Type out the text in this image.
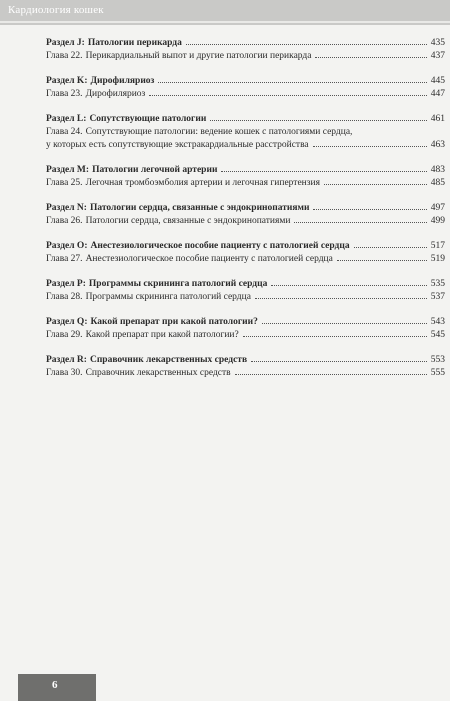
Кардиология кошек
Раздел J: Патологии перикарда	435
Глава 22. Перикардиальный выпот и другие патологии перикарда	437
Раздел K: Дирофиляриоз	445
Глава 23. Дирофиляриоз	447
Раздел L: Сопутствующие патологии	461
Глава 24. Сопутствующие патологии: ведение кошек с патологиями сердца,
у которых есть сопутствующие экстракардиальные расстройства	463
Раздел M: Патологии легочной артерии	483
Глава 25. Легочная тромбоэмболия артерии и легочная гипертензия	485
Раздел N: Патологии сердца, связанные с эндокринопатиями	497
Глава 26. Патологии сердца, связанные с эндокринопатиями	499
Раздел O: Анестезиологическое пособие пациенту с патологией сердца	517
Глава 27. Анестезиологическое пособие пациенту с патологией сердца	519
Раздел P: Программы скрининга патологий сердца	535
Глава 28. Программы скрининга патологий сердца	537
Раздел Q: Какой препарат при какой патологии?	543
Глава 29. Какой препарат при какой патологии?	545
Раздел R: Справочник лекарственных средств	553
Глава 30. Справочник лекарственных средств	555
6
